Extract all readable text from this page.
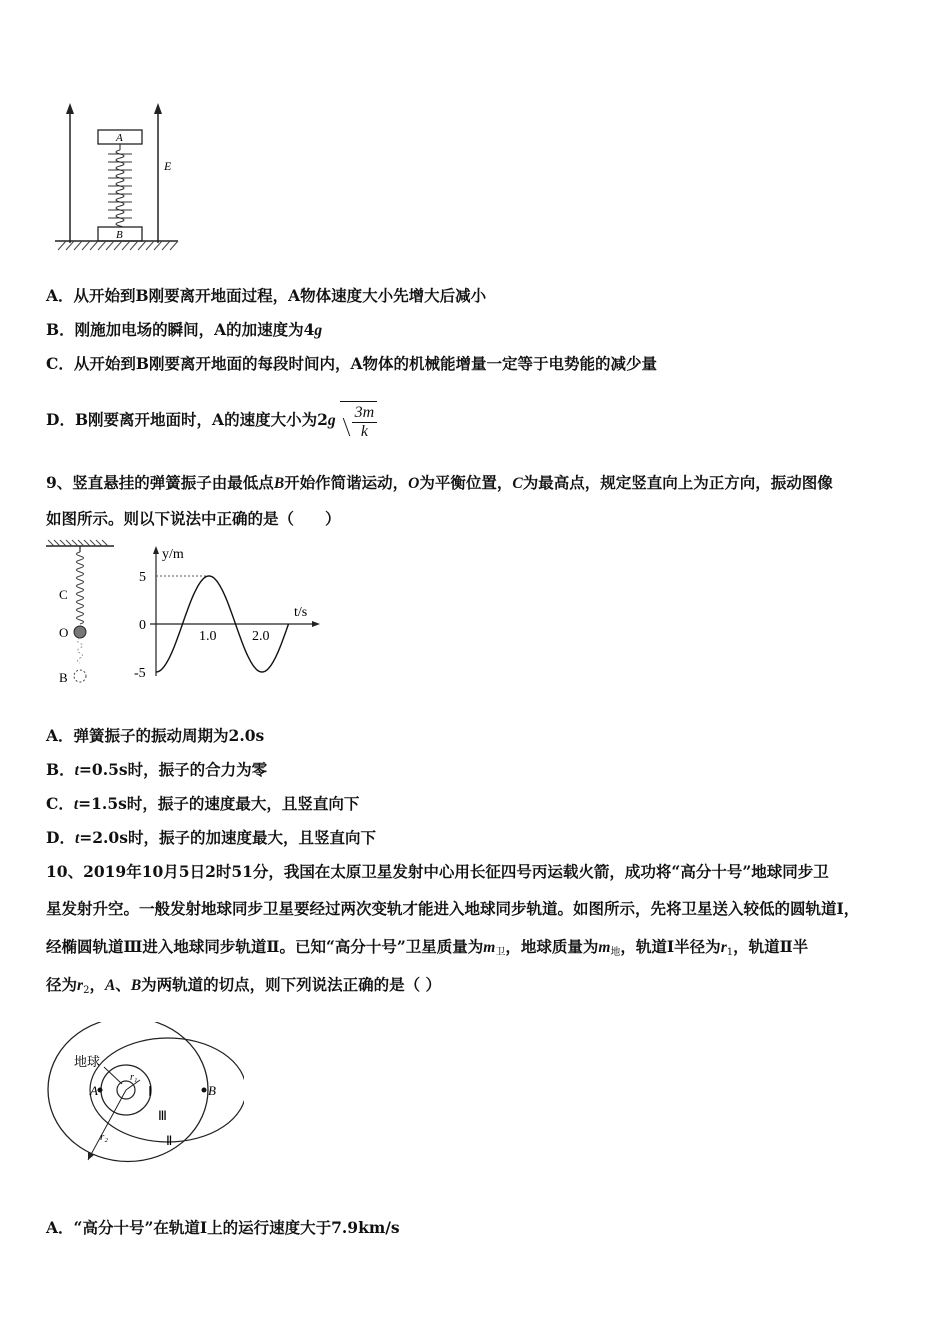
A
B
E
A．从开始到B刚要离开地面过程，A物体速度大小先增大后减小
B．刚施加电场的瞬间，A的加速度为4g
C．从开始到B刚要离开地面的每段时间内，A物体的机械能增量一定等于电势能的减少量
D．B刚要离开地面时，A的速度大小为$2g \frac{3m}{k}$
9、竖直悬挂的弹簧振子由最低点B开始作简谐运动，O为平衡位置，C为最高点，规定竖直向上为正方向，振动图像
如图所示。则以下说法中正确的是（　　）
C
O
B
y/m
t/s
5
0
-5
1.0	2.0
A．弹簧振子的振动周期为2.0s
B．t=0.5s时，振子的合力为零
C．t=1.5s时，振子的速度最大，且竖直向下
D．t=2.0s时，振子的加速度最大，且竖直向下
10、2019年10月5日2时51分，我国在太原卫星发射中心用长征四号丙运载火箭，成功将“高分十号”地球同步卫
星发射升空。一般发射地球同步卫星要经过两次变轨才能进入地球同步轨道。如图所示，先将卫星送入较低的圆轨道Ⅰ，
经椭圆轨道Ⅲ进入地球同步轨道Ⅱ。已知“高分十号”卫星质量为$m_卫$，地球质量为$m_地$，轨道Ⅰ半径为$r_1$，轨道Ⅱ半
径为$r_2$，A、B为两轨道的切点，则下列说法正确的是（ ）
地球
A	B
r₁
r₂
Ⅰ
Ⅲ
Ⅱ
A．“高分十号”在轨道Ⅰ上的运行速度大于7.9km/s
